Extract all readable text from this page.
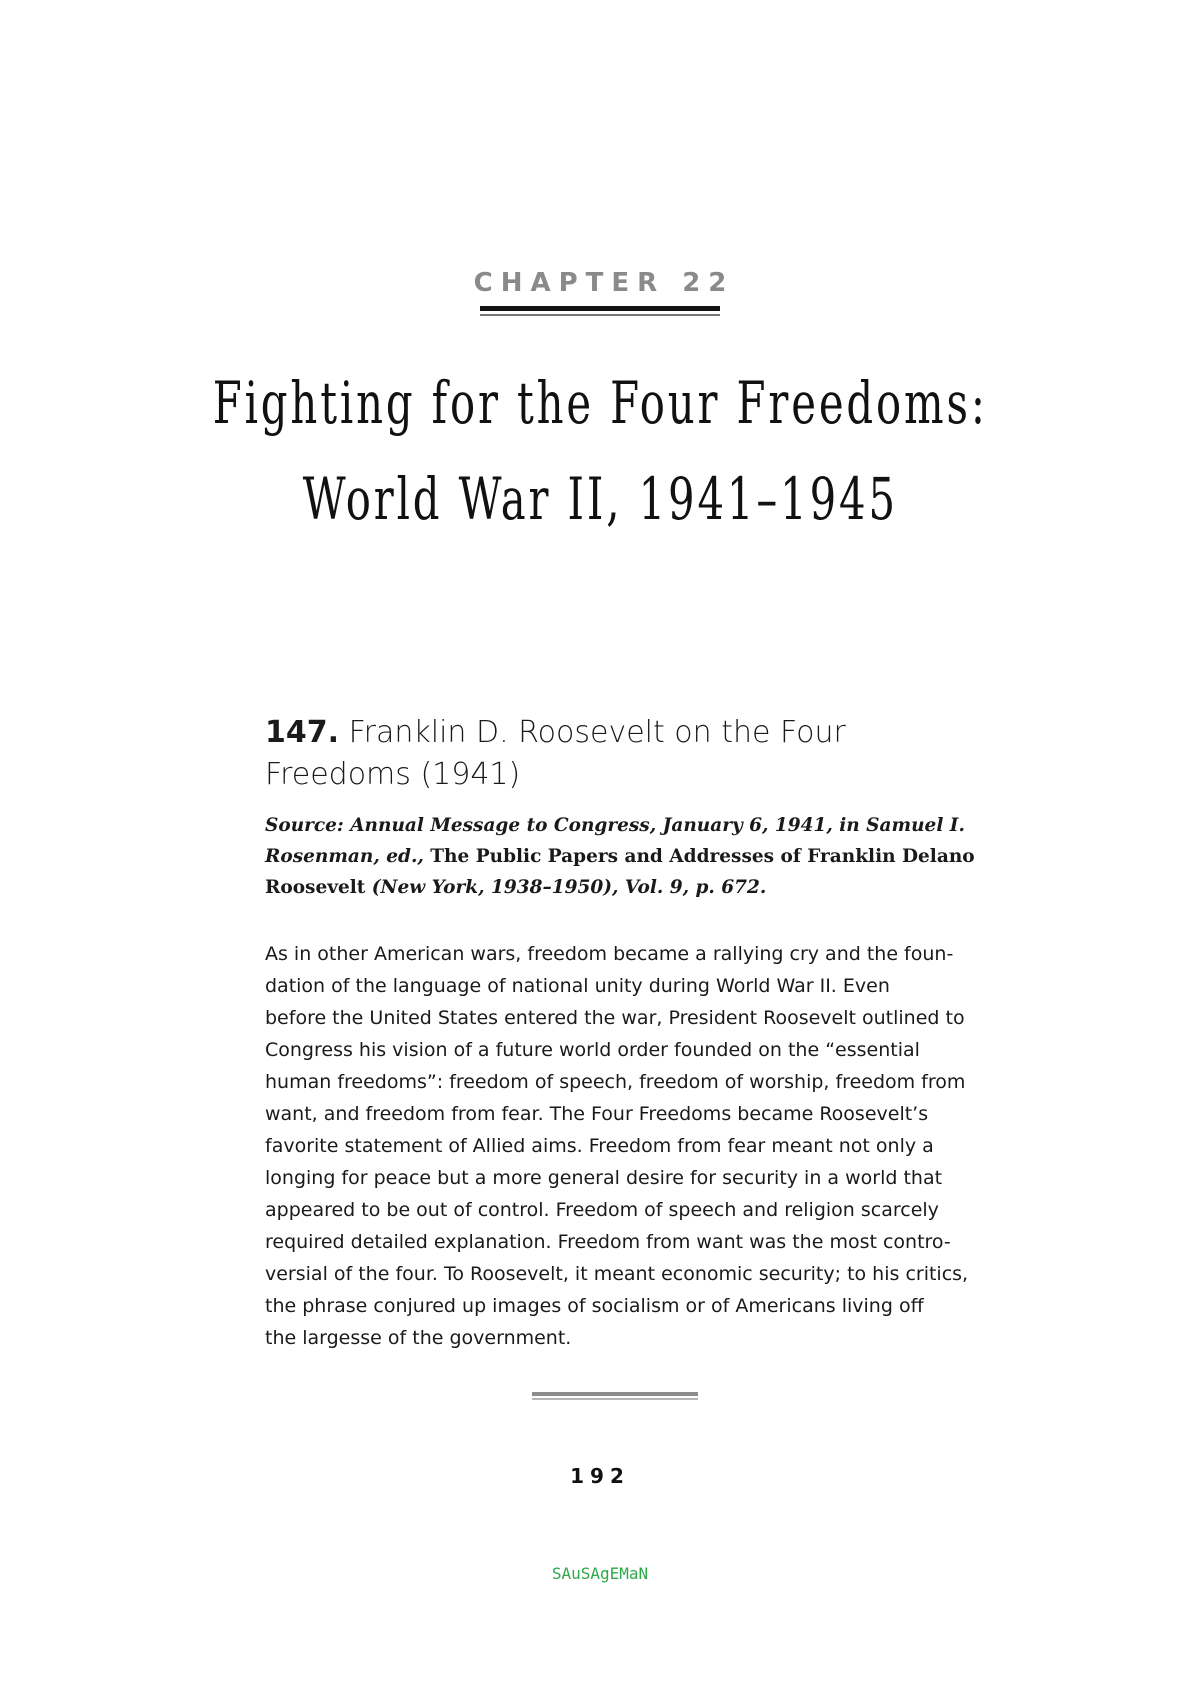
CHAPTER 22
Fighting for the Four Freedoms:
World War II, 1941–1945
147. Franklin D. Roosevelt on the Four
Freedoms (1941)
Source: Annual Message to Congress, January 6, 1941, in Samuel I. Rosenman, ed., The Public Papers and Addresses of Franklin Delano Roosevelt (New York, 1938–1950), Vol. 9, p. 672.
As in other American wars, freedom became a rallying cry and the foun-
dation of the language of national unity during World War II. Even
before the United States entered the war, President Roosevelt outlined to
Congress his vision of a future world order founded on the “essential
human freedoms”: freedom of speech, freedom of worship, freedom from
want, and freedom from fear. The Four Freedoms became Roosevelt’s
favorite statement of Allied aims. Freedom from fear meant not only a
longing for peace but a more general desire for security in a world that
appeared to be out of control. Freedom of speech and religion scarcely
required detailed explanation. Freedom from want was the most contro-
versial of the four. To Roosevelt, it meant economic security; to his critics,
the phrase conjured up images of socialism or of Americans living off
the largesse of the government.
192
SAuSAgEMaN
